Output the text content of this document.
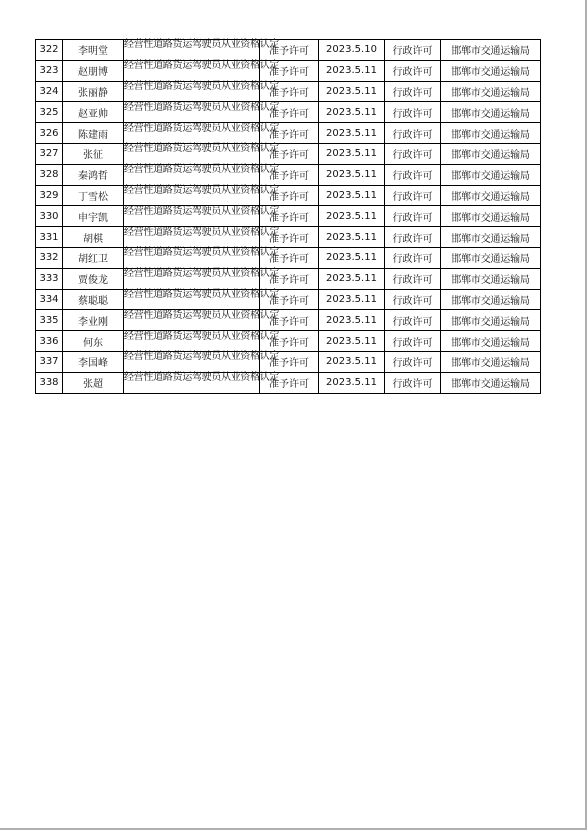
322	李明堂	经营性道路货运驾驶员从业资格认定	准予许可	2023.5.10	行政许可	邯郸市交通运输局
323	赵朋博	经营性道路货运驾驶员从业资格认定	准予许可	2023.5.11	行政许可	邯郸市交通运输局
324	张丽静	经营性道路货运驾驶员从业资格认定	准予许可	2023.5.11	行政许可	邯郸市交通运输局
325	赵亚帅	经营性道路货运驾驶员从业资格认定	准予许可	2023.5.11	行政许可	邯郸市交通运输局
326	陈建雨	经营性道路货运驾驶员从业资格认定	准予许可	2023.5.11	行政许可	邯郸市交通运输局
327	张征	经营性道路货运驾驶员从业资格认定	准予许可	2023.5.11	行政许可	邯郸市交通运输局
328	秦鸿哲	经营性道路货运驾驶员从业资格认定	准予许可	2023.5.11	行政许可	邯郸市交通运输局
329	丁雪松	经营性道路货运驾驶员从业资格认定	准予许可	2023.5.11	行政许可	邯郸市交通运输局
330	申宇凯	经营性道路货运驾驶员从业资格认定	准予许可	2023.5.11	行政许可	邯郸市交通运输局
331	胡棋	经营性道路货运驾驶员从业资格认定	准予许可	2023.5.11	行政许可	邯郸市交通运输局
332	胡红卫	经营性道路货运驾驶员从业资格认定	准予许可	2023.5.11	行政许可	邯郸市交通运输局
333	贾俊龙	经营性道路货运驾驶员从业资格认定	准予许可	2023.5.11	行政许可	邯郸市交通运输局
334	蔡聪聪	经营性道路货运驾驶员从业资格认定	准予许可	2023.5.11	行政许可	邯郸市交通运输局
335	李业刚	经营性道路货运驾驶员从业资格认定	准予许可	2023.5.11	行政许可	邯郸市交通运输局
336	何东	经营性道路货运驾驶员从业资格认定	准予许可	2023.5.11	行政许可	邯郸市交通运输局
337	李国峰	经营性道路货运驾驶员从业资格认定	准予许可	2023.5.11	行政许可	邯郸市交通运输局
338	张超	经营性道路货运驾驶员从业资格认定	准予许可	2023.5.11	行政许可	邯郸市交通运输局
